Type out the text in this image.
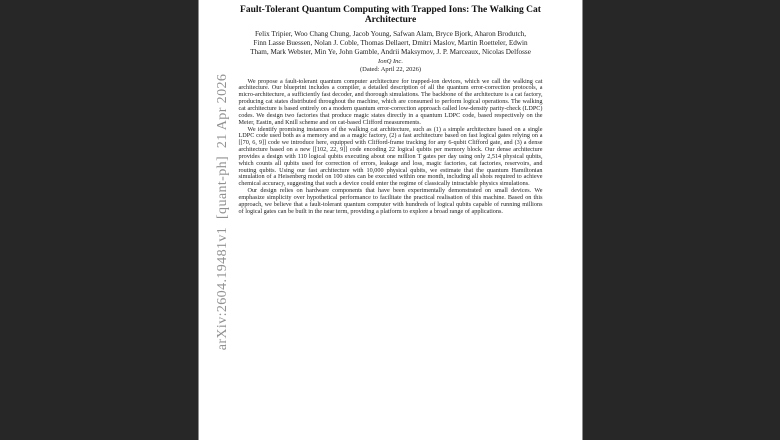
arXiv:2604.19481v1  [quant-ph]  21 Apr 2026
Fault-Tolerant Quantum Computing with Trapped Ions: The Walking Cat
Architecture
Felix Tripier, Woo Chang Chung, Jacob Young, Safwan Alam, Bryce Bjork, Aharon Brodutch,
Finn Lasse Buessen, Nolan J. Coble, Thomas Dellaert, Dmitri Maslov, Martin Roetteler, Edwin
Tham, Mark Webster, Min Ye, John Gamble, Andrii Maksymov, J. P. Marceaux, Nicolas Delfosse
IonQ Inc.
(Dated: April 22, 2026)

We propose a fault-tolerant quantum computer architecture for trapped-ion devices, which we call the walking cat architecture. Our blueprint includes a compiler, a detailed description of all the quantum error-correction protocols, a micro-architecture, a sufficiently fast decoder, and thorough simulations. The backbone of the architecture is a cat factory, producing cat states distributed throughout the machine, which are consumed to perform logical operations. The walking cat architecture is based entirely on a modern quantum error-correction approach called low-density parity-check (LDPC) codes. We design two factories that produce magic states directly in a quantum LDPC code, based respectively on the Meier, Eastin, and Knill scheme and on cat-based Clifford measurements.

We identify promising instances of the walking cat architecture, such as (1) a simple architecture based on a single LDPC code used both as a memory and as a magic factory, (2) a fast architecture based on fast logical gates relying on a [[70, 6, 9]] code we introduce here, equipped with Clifford-frame tracking for any 6-qubit Clifford gate, and (3) a dense architecture based on a new [[102, 22, 9]] code encoding 22 logical qubits per memory block. Our dense architecture provides a design with 110 logical qubits executing about one million T gates per day using only 2,514 physical qubits, which counts all qubits used for correction of errors, leakage and loss, magic factories, cat factories, reservoirs, and routing qubits. Using our fast architecture with 10,000 physical qubits, we estimate that the quantum Hamiltonian simulation of a Heisenberg model on 100 sites can be executed within one month, including all shots required to achieve chemical accuracy, suggesting that such a device could enter the regime of classically intractable physics simulations.

Our design relies on hardware components that have been experimentally demonstrated on small devices. We emphasize simplicity over hypothetical performance to facilitate the practical realisation of this machine. Based on this approach, we believe that a fault-tolerant quantum computer with hundreds of logical qubits capable of running millions of logical gates can be built in the near term, providing a platform to explore a broad range of applications.
